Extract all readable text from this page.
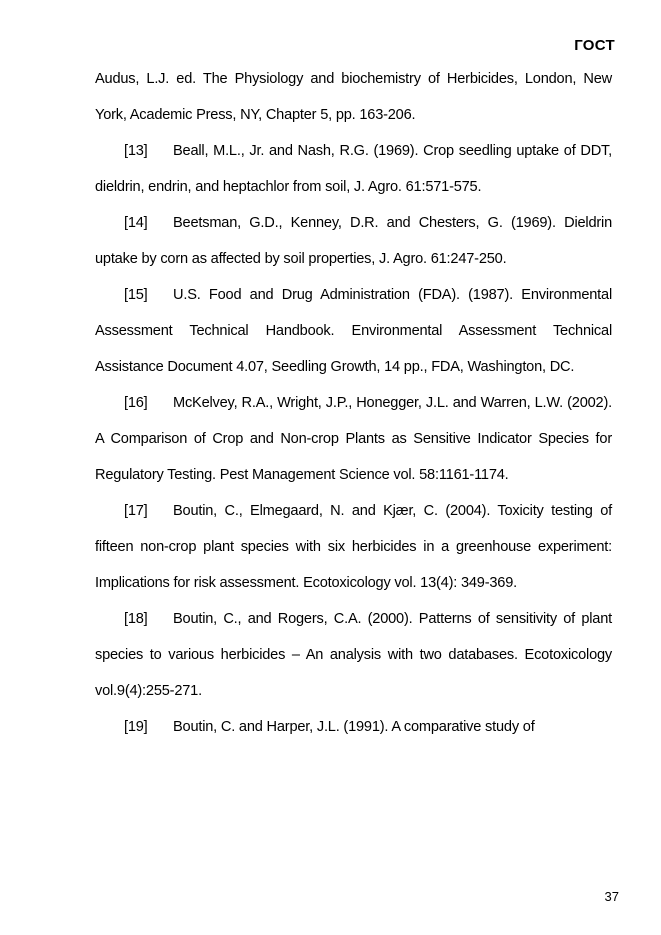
ГОСТ

Audus, L.J. ed. The Physiology and biochemistry of Herbicides, London, New York, Academic Press, NY, Chapter 5, pp. 163-206.

[13] Beall, M.L., Jr. and Nash, R.G. (1969). Crop seedling uptake of DDT, dieldrin, endrin, and heptachlor from soil, J. Agro. 61:571-575.

[14] Beetsman, G.D., Kenney, D.R. and Chesters, G. (1969). Dieldrin uptake by corn as affected by soil properties, J. Agro. 61:247-250.

[15] U.S. Food and Drug Administration (FDA). (1987). Environmental Assessment Technical Handbook. Environmental Assessment Technical Assistance Document 4.07, Seedling Growth, 14 pp., FDA, Washington, DC.

[16] McKelvey, R.A., Wright, J.P., Honegger, J.L. and Warren, L.W. (2002). A Comparison of Crop and Non-crop Plants as Sensitive Indicator Species for Regulatory Testing. Pest Management Science vol. 58:1161-1174.

[17] Boutin, C., Elmegaard, N. and Kjær, C. (2004). Toxicity testing of fifteen non-crop plant species with six herbicides in a greenhouse experiment: Implications for risk assessment. Ecotoxicology vol. 13(4): 349-369.

[18] Boutin, C., and Rogers, C.A. (2000). Patterns of sensitivity of plant species to various herbicides – An analysis with two databases. Ecotoxicology vol.9(4):255-271.

[19] Boutin, C. and Harper, J.L. (1991). A comparative study of

37
